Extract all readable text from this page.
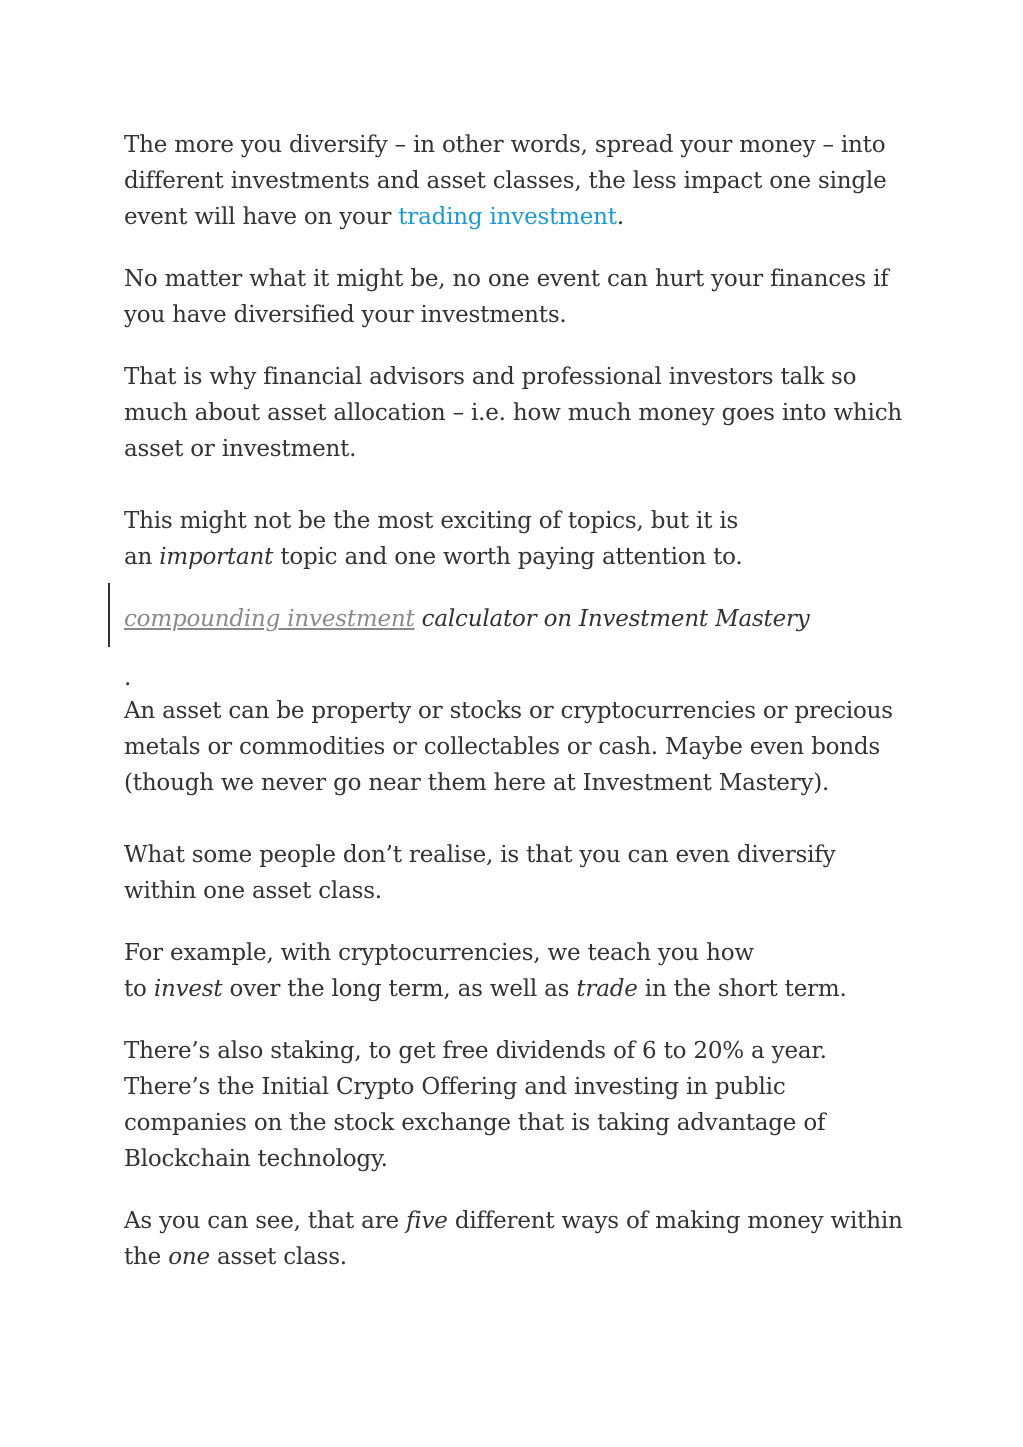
The more you diversify – in other words, spread your money – into different investments and asset classes, the less impact one single event will have on your trading investment.

No matter what it might be, no one event can hurt your finances if you have diversified your investments.

That is why financial advisors and professional investors talk so much about asset allocation – i.e. how much money goes into which asset or investment.

This might not be the most exciting of topics, but it is
an important topic and one worth paying attention to.

compounding investment calculator on Investment Mastery

.

An asset can be property or stocks or cryptocurrencies or precious metals or commodities or collectables or cash. Maybe even bonds (though we never go near them here at Investment Mastery).

What some people don’t realise, is that you can even diversify within one asset class.

For example, with cryptocurrencies, we teach you how
to invest over the long term, as well as trade in the short term.

There’s also staking, to get free dividends of 6 to 20% a year. There’s the Initial Crypto Offering and investing in public companies on the stock exchange that is taking advantage of Blockchain technology.

As you can see, that are five different ways of making money within the one asset class.
